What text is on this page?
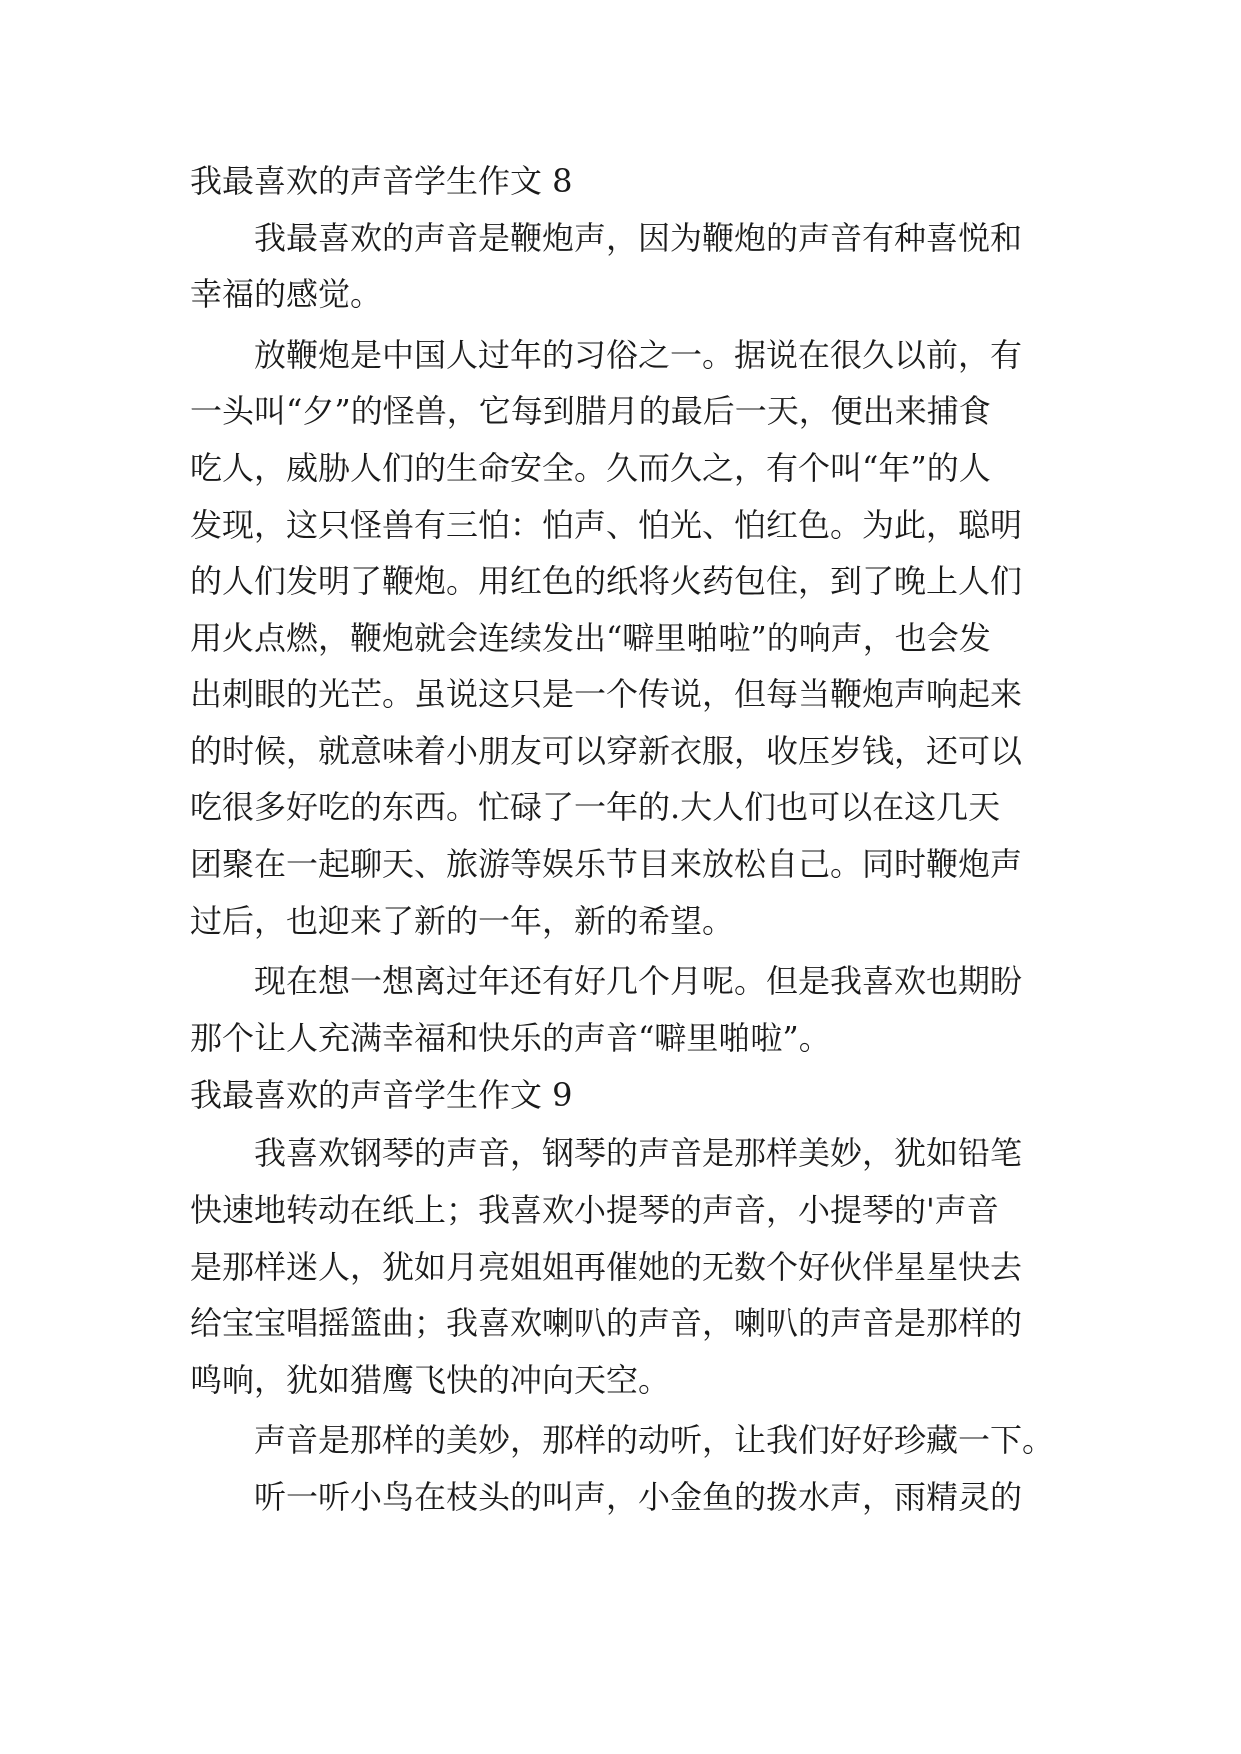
我最喜欢的声音学生作文 8
我最喜欢的声音是鞭炮声，因为鞭炮的声音有种喜悦和
幸福的感觉。
放鞭炮是中国人过年的习俗之一。据说在很久以前，有
一头叫“夕”的怪兽，它每到腊月的最后一天，便出来捕食
吃人，威胁人们的生命安全。久而久之，有个叫“年”的人
发现，这只怪兽有三怕：怕声、怕光、怕红色。为此，聪明
的人们发明了鞭炮。用红色的纸将火药包住，到了晚上人们
用火点燃，鞭炮就会连续发出“噼里啪啦”的响声，也会发
出刺眼的光芒。虽说这只是一个传说，但每当鞭炮声响起来
的时候，就意味着小朋友可以穿新衣服，收压岁钱，还可以
吃很多好吃的东西。忙碌了一年的.大人们也可以在这几天
团聚在一起聊天、旅游等娱乐节目来放松自己。同时鞭炮声
过后，也迎来了新的一年，新的希望。
现在想一想离过年还有好几个月呢。但是我喜欢也期盼
那个让人充满幸福和快乐的声音“噼里啪啦”。
我最喜欢的声音学生作文 9
我喜欢钢琴的声音，钢琴的声音是那样美妙，犹如铅笔
快速地转动在纸上；我喜欢小提琴的声音，小提琴的'声音
是那样迷人，犹如月亮姐姐再催她的无数个好伙伴星星快去
给宝宝唱摇篮曲；我喜欢喇叭的声音，喇叭的声音是那样的
鸣响，犹如猎鹰飞快的冲向天空。
声音是那样的美妙，那样的动听，让我们好好珍藏一下。
听一听小鸟在枝头的叫声，小金鱼的拨水声，雨精灵的
